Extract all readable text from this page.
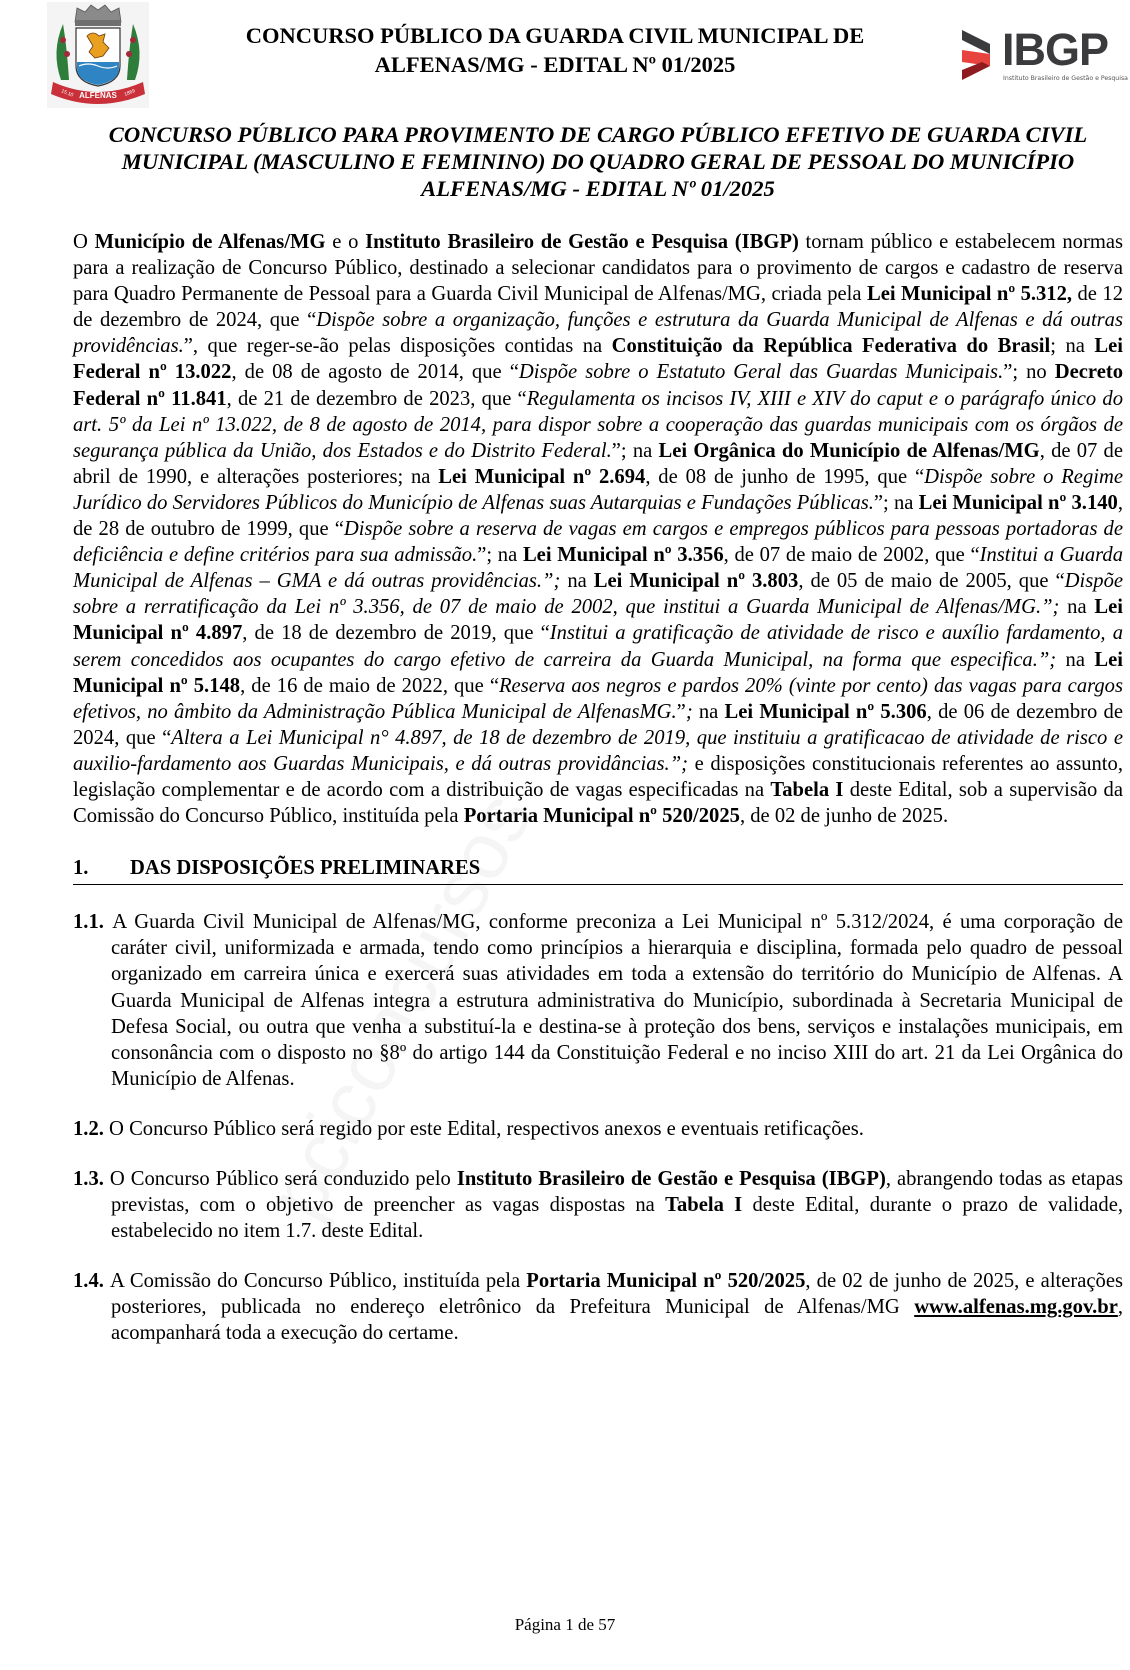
ALFENAS
15.10	1869
CONCURSO PÚBLICO DA GUARDA CIVIL MUNICIPAL DE
ALFENAS/MG - EDITAL Nº 01/2025	IBGP
Instituto Brasileiro de Gestão e Pesquisa
CONCURSO PÚBLICO PARA PROVIMENTO DE CARGO PÚBLICO EFETIVO DE GUARDA CIVIL
MUNICIPAL (MASCULINO E FEMININO) DO QUADRO GERAL DE PESSOAL DO MUNICÍPIO
ALFENAS/MG - EDITAL Nº 01/2025

O Município de Alfenas/MG e o Instituto Brasileiro de Gestão e Pesquisa (IBGP) tornam público e estabelecem normas para a realização de Concurso Público, destinado a selecionar candidatos para o provimento de cargos e cadastro de reserva para Quadro Permanente de Pessoal para a Guarda Civil Municipal de Alfenas/MG, criada pela Lei Municipal nº 5.312, de 12 de dezembro de 2024, que “Dispõe sobre a organização, funções e estrutura da Guarda Municipal de Alfenas e dá outras providências.”, que reger-se-ão pelas disposições contidas na Constituição da República Federativa do Brasil; na Lei Federal nº 13.022, de 08 de agosto de 2014, que “Dispõe sobre o Estatuto Geral das Guardas Municipais.”; no Decreto Federal nº 11.841, de 21 de dezembro de 2023, que “Regulamenta os incisos IV, XIII e XIV do caput e o parágrafo único do art. 5º da Lei nº 13.022, de 8 de agosto de 2014, para dispor sobre a cooperação das guardas municipais com os órgãos de segurança pública da União, dos Estados e do Distrito Federal.”; na Lei Orgânica do Município de Alfenas/MG, de 07 de abril de 1990, e alterações posteriores; na Lei Municipal nº 2.694, de 08 de junho de 1995, que “Dispõe sobre o Regime Jurídico do Servidores Públicos do Município de Alfenas suas Autarquias e Fundações Públicas.”; na Lei Municipal nº 3.140, de 28 de outubro de 1999, que “Dispõe sobre a reserva de vagas em cargos e empregos públicos para pessoas portadoras de deficiência e define critérios para sua admissão.”; na Lei Municipal nº 3.356, de 07 de maio de 2002, que “Institui a Guarda Municipal de Alfenas – GMA e dá outras providências.”; na Lei Municipal nº 3.803, de 05 de maio de 2005, que “Dispõe sobre a rerratificação da Lei nº 3.356, de 07 de maio de 2002, que institui a Guarda Municipal de Alfenas/MG.”; na Lei Municipal nº 4.897, de 18 de dezembro de 2019, que “Institui a gratificação de atividade de risco e auxílio fardamento, a serem concedidos aos ocupantes do cargo efetivo de carreira da Guarda Municipal, na forma que especifica.”; na Lei Municipal nº 5.148, de 16 de maio de 2022, que “Reserva aos negros e pardos 20% (vinte por cento) das vagas para cargos efetivos, no âmbito da Administração Pública Municipal de AlfenasMG.”; na Lei Municipal nº 5.306, de 06 de dezembro de 2024, que “Altera a Lei Municipal n° 4.897, de 18 de dezembro de 2019, que instituiu a gratificacao de atividade de risco e auxilio-fardamento aos Guardas Municipais, e dá outras providâncias.”; e disposições constitucionais referentes ao assunto, legislação complementar e de acordo com a distribuição de vagas especificadas na Tabela I deste Edital, sob a supervisão da Comissão do Concurso Público, instituída pela Portaria Municipal nº 520/2025, de 02 de junho de 2025.

1.	DAS DISPOSIÇÕES PRELIMINARES
1.1. A Guarda Civil Municipal de Alfenas/MG, conforme preconiza a Lei Municipal nº 5.312/2024, é uma corporação de caráter civil, uniformizada e armada, tendo como princípios a hierarquia e disciplina, formada pelo quadro de pessoal organizado em carreira única e exercerá suas atividades em toda a extensão do território do Município de Alfenas. A Guarda Municipal de Alfenas integra a estrutura administrativa do Município, subordinada à Secretaria Municipal de Defesa Social, ou outra que venha a substituí-la e destina-se à proteção dos bens, serviços e instalações municipais, em consonância com o disposto no §8º do artigo 144 da Constituição Federal e no inciso XIII do art. 21 da Lei Orgânica do Município de Alfenas.
1.2. O Concurso Público será regido por este Edital, respectivos anexos e eventuais retificações.
1.3. O Concurso Público será conduzido pelo Instituto Brasileiro de Gestão e Pesquisa (IBGP), abrangendo todas as etapas previstas, com o objetivo de preencher as vagas dispostas na Tabela I deste Edital, durante o prazo de validade, estabelecido no item 1.7. deste Edital.
1.4. A Comissão do Concurso Público, instituída pela Portaria Municipal nº 520/2025, de 02 de junho de 2025, e alterações posteriores, publicada no endereço eletrônico da Prefeitura Municipal de Alfenas/MG www.alfenas.mg.gov.br, acompanhará toda a execução do certame.
Página 1 de 57
